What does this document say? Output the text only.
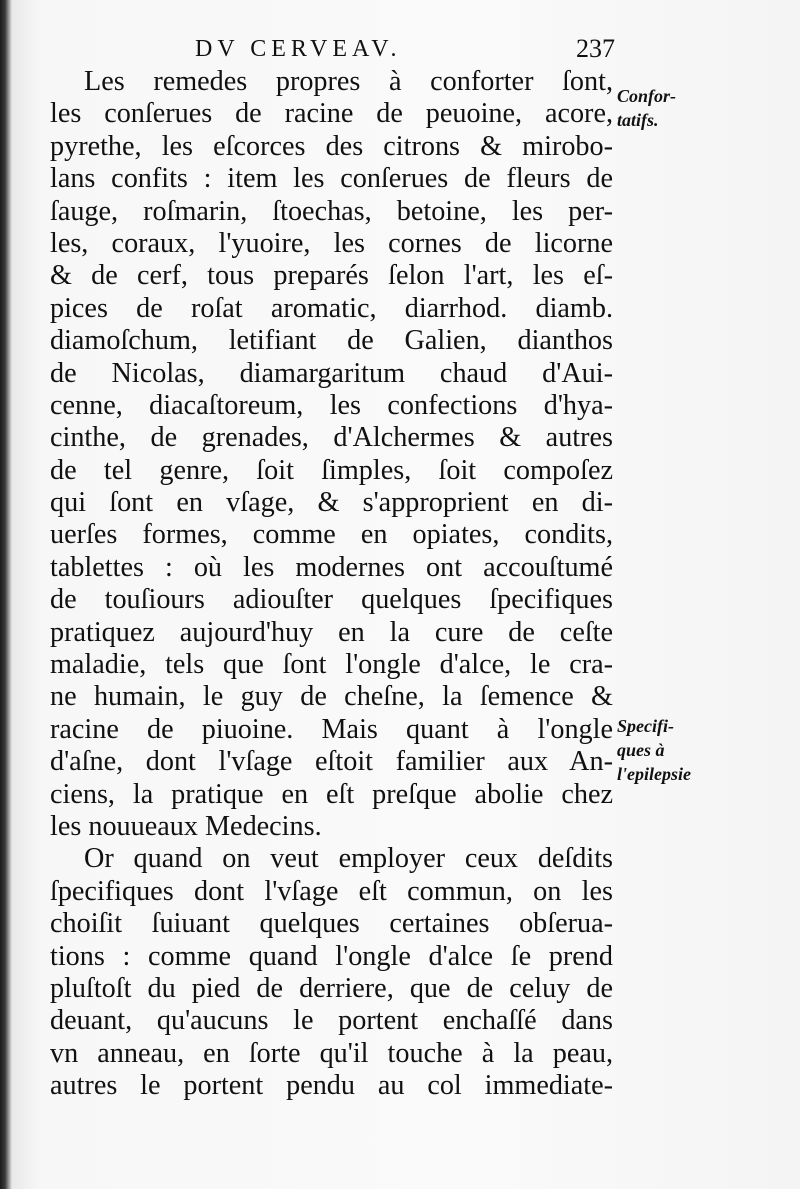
DV CERVEAV.	237
Les remedes propres à conforter ſont,
les conſerues de racine de peuoine, acore,
pyrethe, les eſcorces des citrons & mirobo-
lans confits : item les conſerues de fleurs de
ſauge, roſmarin, ſtoechas, betoine, les per-
les, coraux, l'yuoire, les cornes de licorne
& de cerf, tous preparés ſelon l'art, les eſ-
pices de roſat aromatic, diarrhod. diamb.
diamoſchum, letifiant de Galien, dianthos
de Nicolas, diamargaritum chaud d'Aui-
cenne, diacaſtoreum, les confections d'hya-
cinthe, de grenades, d'Alchermes & autres
de tel genre, ſoit ſimples, ſoit compoſez
qui ſont en vſage, & s'approprient en di-
uerſes formes, comme en opiates, condits,
tablettes : où les modernes ont accouſtumé
de touſiours adiouſter quelques ſpecifiques
pratiquez aujourd'huy en la cure de ceſte
maladie, tels que ſont l'ongle d'alce, le cra-
ne humain, le guy de cheſne, la ſemence &
racine de piuoine. Mais quant à l'ongle
d'aſne, dont l'vſage eſtoit familier aux An-
ciens, la pratique en eſt preſque abolie chez
les nouueaux Medecins.
Or quand on veut employer ceux deſdits
ſpecifiques dont l'vſage eſt commun, on les
choiſit ſuiuant quelques certaines obſerua-
tions : comme quand l'ongle d'alce ſe prend
pluſtoſt du pied de derriere, que de celuy de
deuant, qu'aucuns le portent enchaſſé dans
vn anneau, en ſorte qu'il touche à la peau,
autres le portent pendu au col immediate-
Confor-
tatifs.
Specifi-
ques à
l'epilepsie
